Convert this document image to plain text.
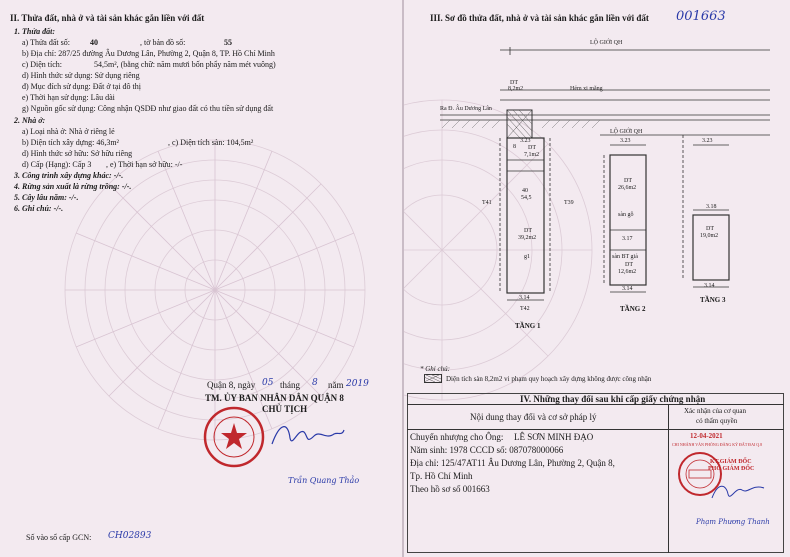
II. Thửa đất, nhà ở và tài sản khác gắn liền với đất
1. Thửa đất:
a) Thửa đất số:	40	, tờ bản đồ số:	55
b) Địa chỉ: 287/25 đường Âu Dương Lân, Phường 2, Quận 8, TP. Hồ Chí Minh
c) Diện tích:	54,5m², (bằng chữ: năm mươi bốn phẩy năm mét vuông)
d) Hình thức sử dụng: Sử dụng riêng
đ) Mục đích sử dụng: Đất ở tại đô thị
e) Thời hạn sử dụng: Lâu dài
g) Nguồn gốc sử dụng: Công nhận QSDĐ như giao đất có thu tiền sử dụng đất
2. Nhà ở:
a) Loại nhà ở: Nhà ở riêng lẻ
b) Diện tích xây dựng: 46,3m²	, c) Diện tích sàn: 104,5m²
d) Hình thức sở hữu: Sở hữu riêng
d) Cấp (Hạng): Cấp 3 , e) Thời hạn sở hữu: -/-
3. Công trình xây dựng khác: -/-.
4. Rừng sản xuất là rừng trồng: -/-.
5. Cây lâu năm: -/-.
6. Ghi chú: -/-.
Quận 8, ngày 05 tháng 8 năm 2019
TM. ỦY BAN NHÂN DÂN QUẬN 8
CHỦ TỊCH
Trần Quang Thảo
Số vào sổ cấp GCN: CH02893
III. Sơ đồ thửa đất, nhà ở và tài sản khác gắn liền với đất 001663
LỘ GIỚI QH
DT
8,2m2	Hẻm xi măng
Ra Đ. Âu Dương Lân
LỘ GIỚI QH
3.23	3.23
3.23
8 DT
7,1m2
T41	T39
40
54,5
DT
39,2m2
g1
3.14
T42
TẦNG 1
DT
26,6m2
sàn gỗ
3.17
sàn BT giả
DT
12,6m2
3.14
TẦNG 2
3.18
DT
19,0m2
3.14
TẦNG 3
* Ghi chú:
Diện tích sàn 8,2m2 vi phạm quy hoạch xây dựng không được công nhận
IV. Những thay đổi sau khi cấp giấy chứng nhận
Nội dung thay đổi và cơ sở pháp lý
Xác nhận của cơ quan
có thẩm quyền
Chuyển nhượng cho Ông: LÊ SƠN MINH ĐẠO
Năm sinh: 1978 CCCD số: 087078000066
Địa chỉ: 125/47AT11 Âu Dương Lân, Phường 2, Quận 8,
Tp. Hồ Chí Minh
Theo hồ sơ số 001663
12-04-2021
CHI NHÁNH VĂN PHÒNG ĐĂNG KÝ ĐẤT ĐAI Q.8
KT.GIÁM ĐỐC
PHÓ GIÁM ĐỐC
Phạm Phương Thanh
